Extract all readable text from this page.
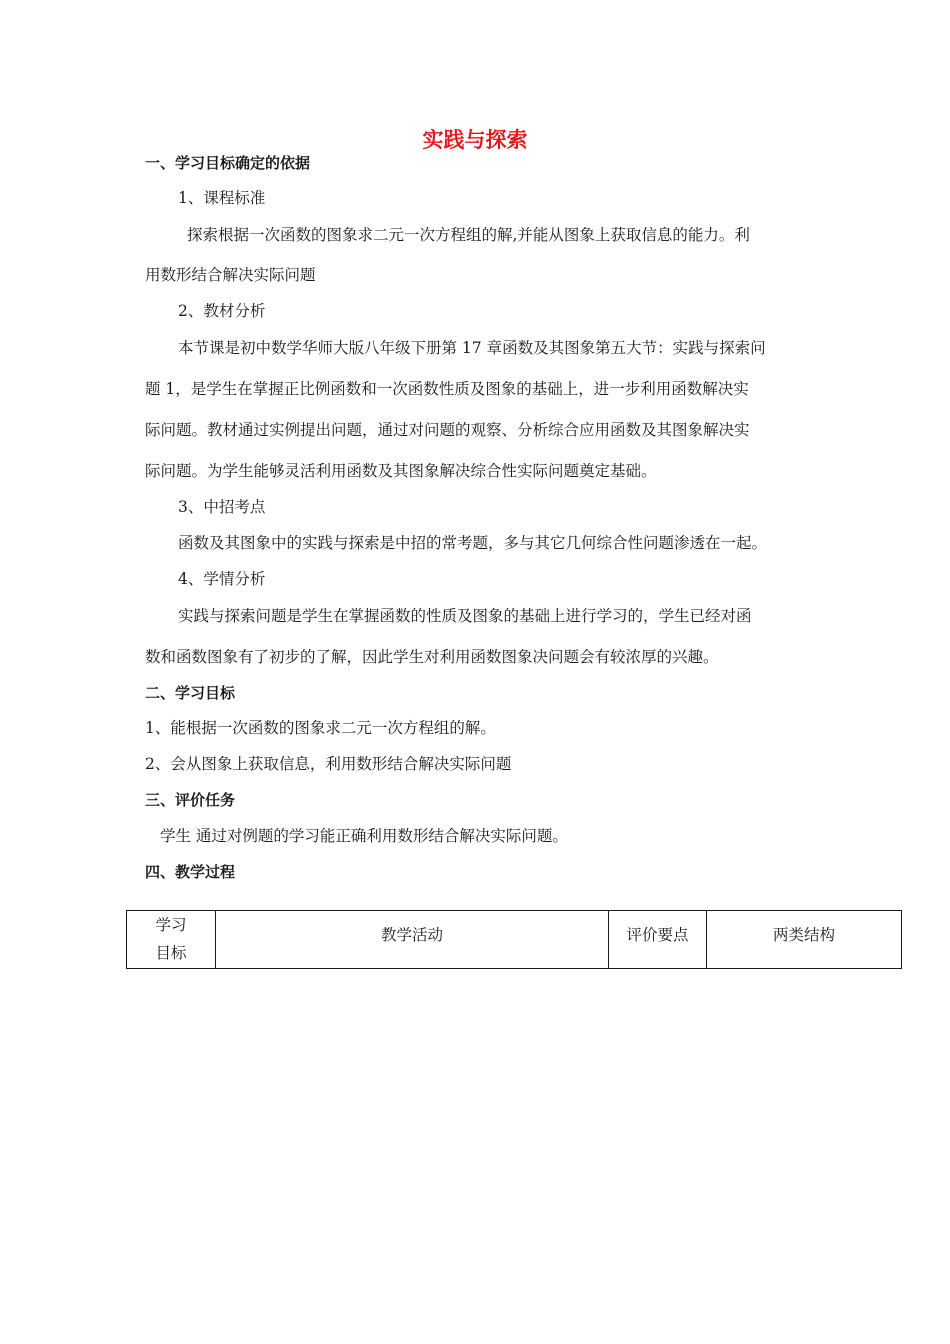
实践与探索
一、学习目标确定的依据
1、课程标准
探索根据一次函数的图象求二元一次方程组的解,并能从图象上获取信息的能力。利
用数形结合解决实际问题
2、教材分析
本节课是初中数学华师大版八年级下册第 17 章函数及其图象第五大节：实践与探索问
题 1，是学生在掌握正比例函数和一次函数性质及图象的基础上，进一步利用函数解决实
际问题。教材通过实例提出问题，通过对问题的观察、分析综合应用函数及其图象解决实
际问题。为学生能够灵活利用函数及其图象解决综合性实际问题奠定基础。
3、中招考点
函数及其图象中的实践与探索是中招的常考题，多与其它几何综合性问题渗透在一起。
4、学情分析
实践与探索问题是学生在掌握函数的性质及图象的基础上进行学习的，学生已经对函
数和函数图象有了初步的了解，因此学生对利用函数图象决问题会有较浓厚的兴趣。
二、学习目标
1、能根据一次函数的图象求二元一次方程组的解。
2、会从图象上获取信息，利用数形结合解决实际问题
三、评价任务
学生 通过对例题的学习能正确利用数形结合解决实际问题。
四、教学过程
学习
目标
	教学活动	评价要点	两类结构
